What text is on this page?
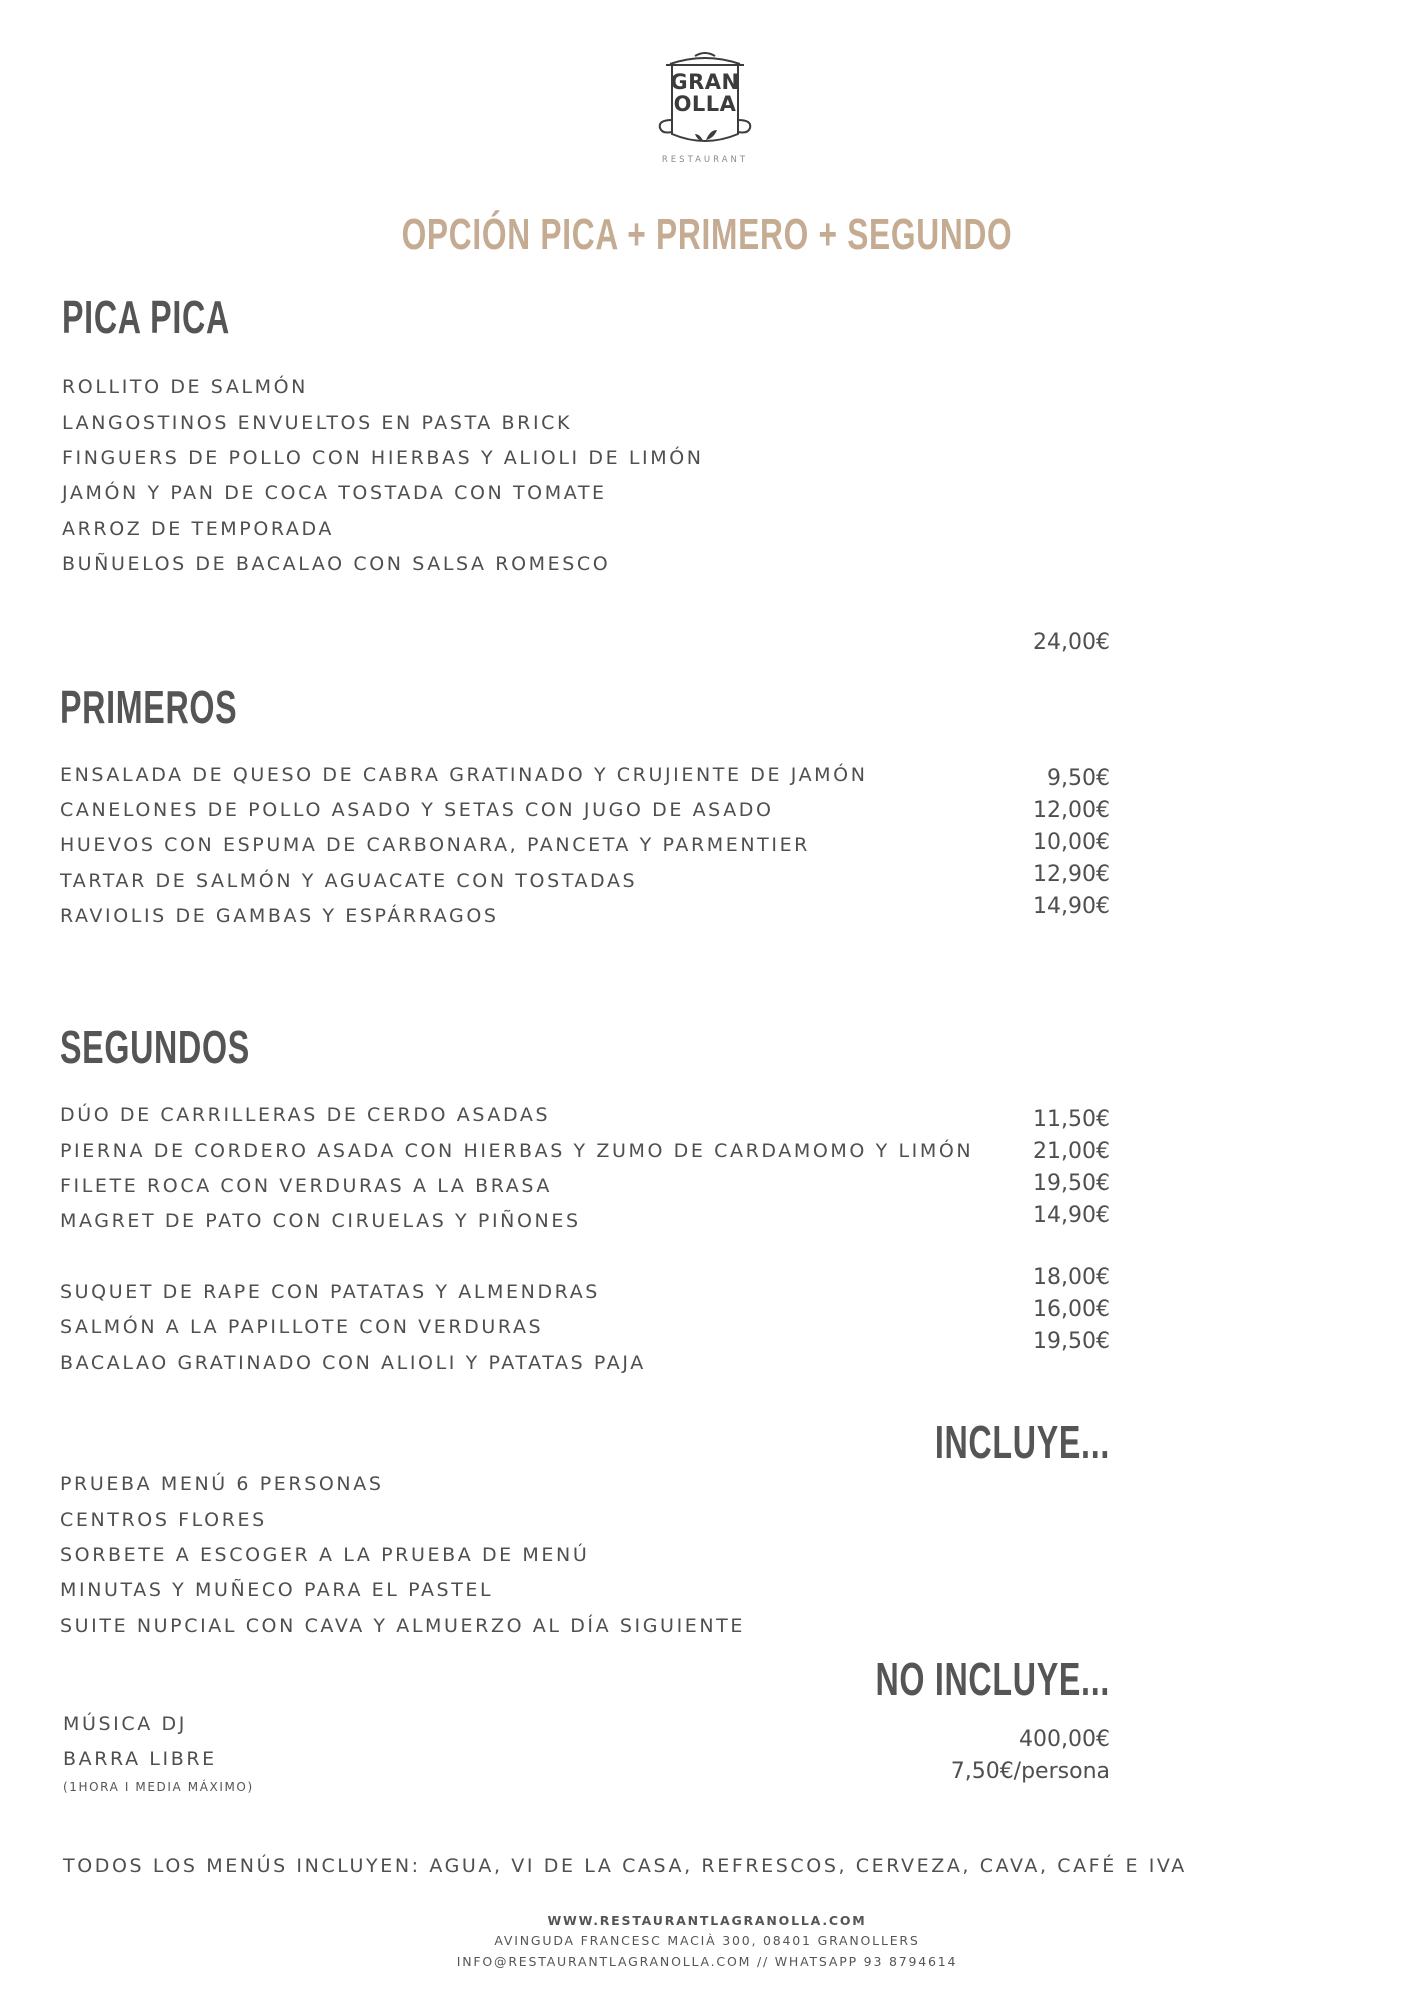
GRAN
OLLA
RESTAURANT
OPCIÓN PICA + PRIMERO + SEGUNDO
PICA PICA
ROLLITO DE SALMÓN
LANGOSTINOS ENVUELTOS EN PASTA BRICK
FINGUERS DE POLLO CON HIERBAS Y ALIOLI DE LIMÓN
JAMÓN Y PAN DE COCA TOSTADA CON TOMATE
ARROZ DE TEMPORADA
BUÑUELOS DE BACALAO CON SALSA ROMESCO
24,00€
PRIMEROS
ENSALADA DE QUESO DE CABRA GRATINADO Y CRUJIENTE DE JAMÓN
CANELONES DE POLLO ASADO Y SETAS CON JUGO DE ASADO
HUEVOS CON ESPUMA DE CARBONARA, PANCETA Y PARMENTIER
TARTAR DE SALMÓN Y AGUACATE CON TOSTADAS
RAVIOLIS DE GAMBAS Y ESPÁRRAGOS
9,50€
12,00€
10,00€
12,90€
14,90€
SEGUNDOS
DÚO DE CARRILLERAS DE CERDO ASADAS
PIERNA DE CORDERO ASADA CON HIERBAS Y ZUMO DE CARDAMOMO Y LIMÓN
FILETE ROCA CON VERDURAS A LA BRASA
MAGRET DE PATO CON CIRUELAS Y PIÑONES
11,50€
21,00€
19,50€
14,90€
SUQUET DE RAPE CON PATATAS Y ALMENDRAS
SALMÓN A LA PAPILLOTE CON VERDURAS
BACALAO GRATINADO CON ALIOLI Y PATATAS PAJA
18,00€
16,00€
19,50€
INCLUYE...
PRUEBA MENÚ 6 PERSONAS
CENTROS FLORES
SORBETE A ESCOGER A LA PRUEBA DE MENÚ
MINUTAS Y MUÑECO PARA EL PASTEL
SUITE NUPCIAL CON CAVA Y ALMUERZO AL DÍA SIGUIENTE
NO INCLUYE...
MÚSICA DJ
BARRA LIBRE
(1HORA I MEDIA MÁXIMO)
400,00€
7,50€/persona
TODOS LOS MENÚS INCLUYEN: AGUA, VI DE LA CASA, REFRESCOS, CERVEZA, CAVA, CAFÉ E IVA
WWW.RESTAURANTLAGRANOLLA.COM
AVINGUDA FRANCESC MACIÀ 300, 08401 GRANOLLERS
INFO@RESTAURANTLAGRANOLLA.COM // WHATSAPP 93 8794614
